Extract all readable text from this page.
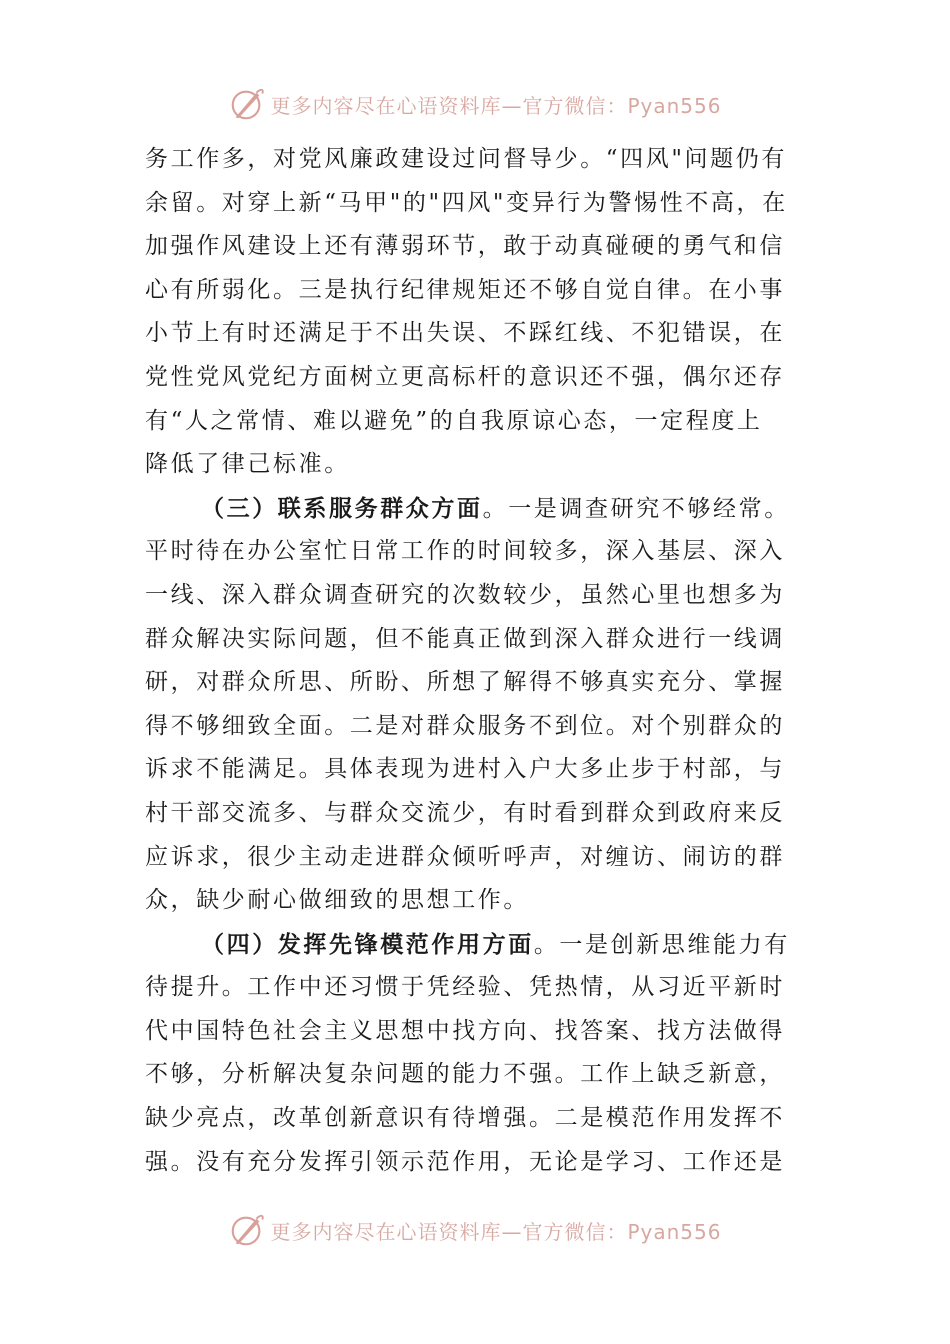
更多内容尽在心语资料库—官方微信：Pyan556
务工作多，对党风廉政建设过问督导少。“四风"问题仍有
余留。对穿上新“马甲"的"四风"变异行为警惕性不高，在
加强作风建设上还有薄弱环节，敢于动真碰硬的勇气和信
心有所弱化。三是执行纪律规矩还不够自觉自律。在小事
小节上有时还满足于不出失误、不踩红线、不犯错误，在
党性党风党纪方面树立更高标杆的意识还不强，偶尔还存
有“人之常情、难以避免”的自我原谅心态，一定程度上
降低了律己标准。
（三）联系服务群众方面。一是调查研究不够经常。
平时待在办公室忙日常工作的时间较多，深入基层、深入
一线、深入群众调查研究的次数较少，虽然心里也想多为
群众解决实际问题，但不能真正做到深入群众进行一线调
研，对群众所思、所盼、所想了解得不够真实充分、掌握
得不够细致全面。二是对群众服务不到位。对个别群众的
诉求不能满足。具体表现为进村入户大多止步于村部，与
村干部交流多、与群众交流少，有时看到群众到政府来反
应诉求，很少主动走进群众倾听呼声，对缠访、闹访的群
众，缺少耐心做细致的思想工作。
（四）发挥先锋模范作用方面。一是创新思维能力有
待提升。工作中还习惯于凭经验、凭热情，从习近平新时
代中国特色社会主义思想中找方向、找答案、找方法做得
不够，分析解决复杂问题的能力不强。工作上缺乏新意，
缺少亮点，改革创新意识有待增强。二是模范作用发挥不
强。没有充分发挥引领示范作用，无论是学习、工作还是
更多内容尽在心语资料库—官方微信：Pyan556
